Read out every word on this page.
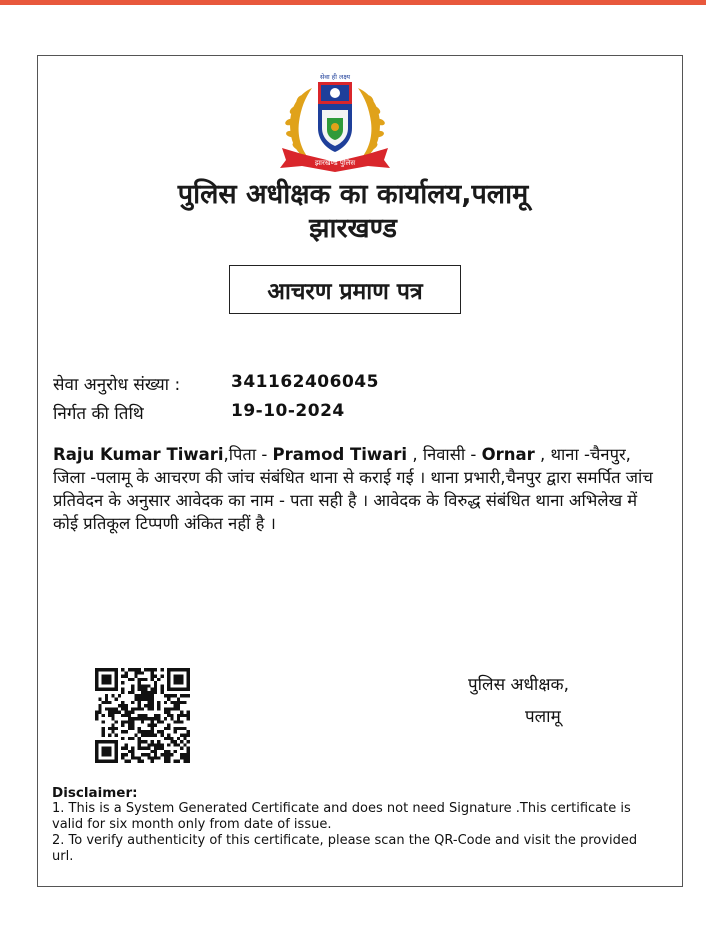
सेवा ही लक्ष्य
झारखण्ड पुलिस
पुलिस अधीक्षक का कार्यालय,पलामू
झारखण्ड
आचरण प्रमाण पत्र
सेवा अनुरोध संख्या :	341162406045
निर्गत की तिथि	19-10-2024
Raju Kumar Tiwari,पिता - Pramod Tiwari , निवासी - Ornar , थाना -चैनपुर, जिला -पलामू के आचरण की जांच संबंधित थाना से कराई गई । थाना प्रभारी,चैनपुर द्वारा समर्पित जांच प्रतिवेदन के अनुसार आवेदक का नाम - पता सही है । आवेदक के विरुद्ध संबंधित थाना अभिलेख में कोई प्रतिकूल टिप्पणी अंकित नहीं है ।
पुलिस अधीक्षक,
पलामू
Disclaimer:
1. This is a System Generated Certificate and does not need Signature .This certificate is valid for six month only from date of issue.
2. To verify authenticity of this certificate, please scan the QR-Code and visit the provided url.
